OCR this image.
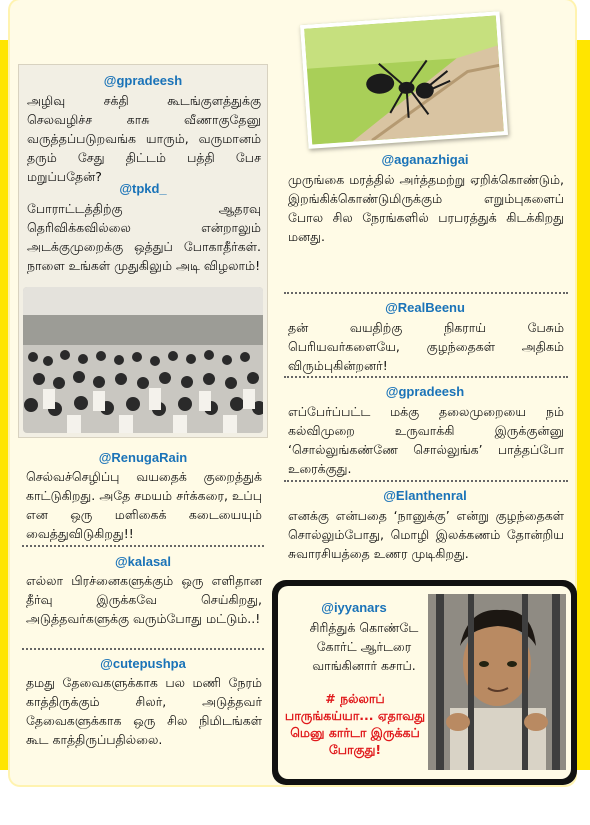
@gpradeesh
அழிவு சக்தி கூடங்குளத்துக்கு செலவழிச்ச காசு வீணாகுதேனு வருத்தப்படுறவங்க யாரும், வருமானம் தரும் சேது திட்டம் பத்தி பேச மறுப்பதேன்?
@tpkd_
போராட்டத்திற்கு ஆதரவு தெரிவிக்கவில்லை என்றாலும் அடக்குமுறைக்கு ஒத்துப் போகாதீர்கள். நாளை உங்கள் முதுகிலும் அடி விழலாம்!
@RenugaRain
செல்வச்செழிப்பு வயதைக் குறைத்துக் காட்டுகிறது. அதே சமயம் சர்க்கரை, உப்பு என ஒரு மளிகைக் கடையையும் வைத்துவிடுகிறது!!
@kalasal
எல்லா பிரச்னைகளுக்கும் ஒரு எளிதான தீர்வு இருக்கவே செய்கிறது, அடுத்தவர்களுக்கு வரும்போது மட்டும்..!
@cutepushpa
தமது தேவைகளுக்காக பல மணி நேரம் காத்திருக்கும் சிலர், அடுத்தவர் தேவைகளுக்காக ஒரு சில நிமிடங்கள் கூட காத்திருப்பதில்லை.
@aganazhigai
முருங்கை மரத்தில் அர்த்தமற்று ஏறிக்கொண்டும், இறங்கிக்கொண்டுமிருக்கும் எறும்புகளைப் போல சில நேரங்களில் பரபரத்துக் கிடக்கிறது மனது.
@RealBeenu
தன் வயதிற்கு நிகராய் பேசும் பெரியவர்களையே, குழந்தைகள் அதிகம் விரும்புகின்றனர்!
@gpradeesh
எப்பேர்ப்பட்ட மக்கு தலைமுறையை நம் கல்விமுறை உருவாக்கி இருக்குன்னு ‘சொல்லுங்கண்ணே சொல்லுங்க’ பாத்தப்போ உரைக்குது.
@Elanthenral
எனக்கு என்பதை ‘நானுக்கு’ என்று குழந்தைகள் சொல்லும்போது, மொழி இலக்கணம் தோன்றிய சுவாரசியத்தை உணர முடிகிறது.
@iyyanars
சிரித்துக் கொண்டே கோர்ட் ஆர்டரை வாங்கினார் கசாப்.
# நல்லாப் பாருங்கய்யா... ஏதாவது மெனு கார்டா இருக்கப் போகுது!
